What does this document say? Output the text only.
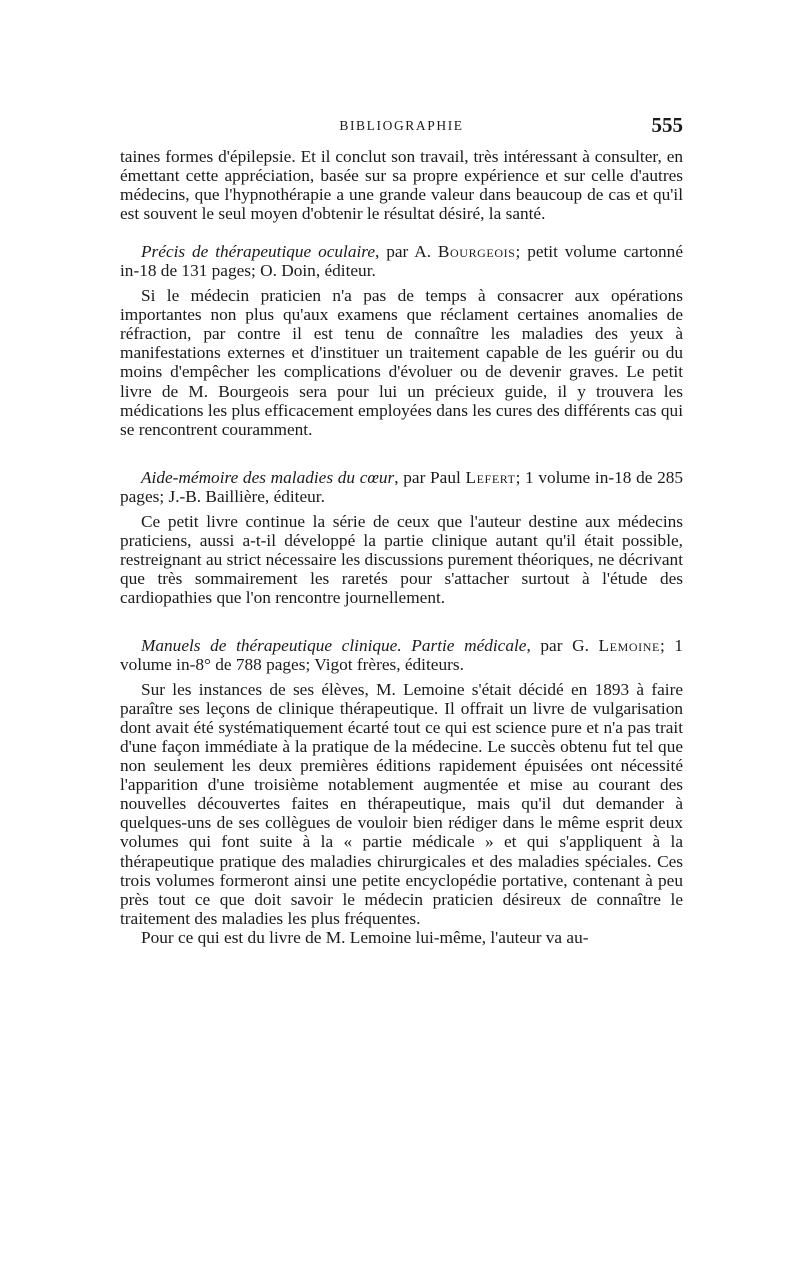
BIBLIOGRAPHIE	555

taines formes d'épilepsie. Et il conclut son travail, très intéressant à consulter, en émettant cette appréciation, basée sur sa propre expérience et sur celle d'autres médecins, que l'hypnothérapie a une grande valeur dans beaucoup de cas et qu'il est souvent le seul moyen d'obtenir le résultat désiré, la santé.

Précis de thérapeutique oculaire, par A. Bourgeois; petit volume cartonné in-18 de 131 pages; O. Doin, éditeur.

Si le médecin praticien n'a pas de temps à consacrer aux opérations importantes non plus qu'aux examens que réclament certaines anomalies de réfraction, par contre il est tenu de connaître les maladies des yeux à manifestations externes et d'instituer un traitement capable de les guérir ou du moins d'empêcher les complications d'évoluer ou de devenir graves. Le petit livre de M. Bourgeois sera pour lui un précieux guide, il y trouvera les médications les plus efficacement employées dans les cures des différents cas qui se rencontrent couramment.

Aide-mémoire des maladies du cœur, par Paul Lefert; 1 volume in-18 de 285 pages; J.-B. Baillière, éditeur.

Ce petit livre continue la série de ceux que l'auteur destine aux médecins praticiens, aussi a-t-il développé la partie clinique autant qu'il était possible, restreignant au strict nécessaire les discussions purement théoriques, ne décrivant que très sommairement les raretés pour s'attacher surtout à l'étude des cardiopathies que l'on rencontre journellement.

Manuels de thérapeutique clinique. Partie médicale, par G. Lemoine; 1 volume in-8° de 788 pages; Vigot frères, éditeurs.

Sur les instances de ses élèves, M. Lemoine s'était décidé en 1893 à faire paraître ses leçons de clinique thérapeutique. Il offrait un livre de vulgarisation dont avait été systématiquement écarté tout ce qui est science pure et n'a pas trait d'une façon immédiate à la pratique de la médecine. Le succès obtenu fut tel que non seulement les deux premières éditions rapidement épuisées ont nécessité l'apparition d'une troisième notablement augmentée et mise au courant des nouvelles découvertes faites en thérapeutique, mais qu'il dut demander à quelques-uns de ses collègues de vouloir bien rédiger dans le même esprit deux volumes qui font suite à la « partie médicale » et qui s'appliquent à la thérapeutique pratique des maladies chirurgicales et des maladies spéciales. Ces trois volumes formeront ainsi une petite encyclopédie portative, contenant à peu près tout ce que doit savoir le médecin praticien désireux de connaître le traitement des maladies les plus fréquentes.

Pour ce qui est du livre de M. Lemoine lui-même, l'auteur va au-
